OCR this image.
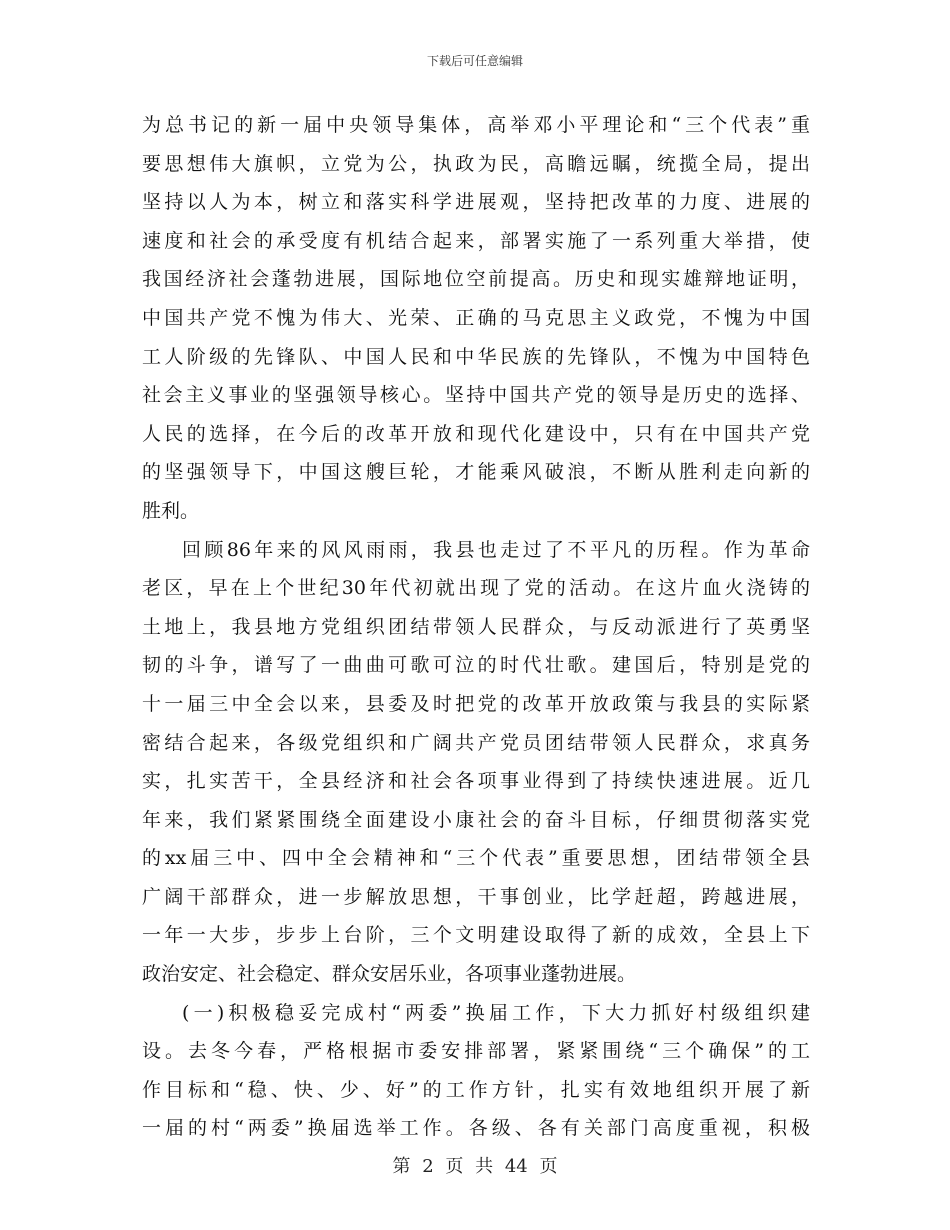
下载后可任意编辑
为总书记的新一届中央领导集体，高举邓小平理论和“三个代表”重
要思想伟大旗帜，立党为公，执政为民，高瞻远瞩，统揽全局，提出
坚持以人为本，树立和落实科学进展观，坚持把改革的力度、进展的
速度和社会的承受度有机结合起来，部署实施了一系列重大举措，使
我国经济社会蓬勃进展，国际地位空前提高。历史和现实雄辩地证明，
中国共产党不愧为伟大、光荣、正确的马克思主义政党，不愧为中国
工人阶级的先锋队、中国人民和中华民族的先锋队，不愧为中国特色
社会主义事业的坚强领导核心。坚持中国共产党的领导是历史的选择、
人民的选择，在今后的改革开放和现代化建设中，只有在中国共产党
的坚强领导下，中国这艘巨轮，才能乘风破浪，不断从胜利走向新的
胜利。
回顾86年来的风风雨雨，我县也走过了不平凡的历程。作为革命
老区，早在上个世纪30年代初就出现了党的活动。在这片血火浇铸的
土地上，我县地方党组织团结带领人民群众，与反动派进行了英勇坚
韧的斗争，谱写了一曲曲可歌可泣的时代壮歌。建国后，特别是党的
十一届三中全会以来，县委及时把党的改革开放政策与我县的实际紧
密结合起来，各级党组织和广阔共产党员团结带领人民群众，求真务
实，扎实苦干，全县经济和社会各项事业得到了持续快速进展。近几
年来，我们紧紧围绕全面建设小康社会的奋斗目标，仔细贯彻落实党
的xx届三中、四中全会精神和“三个代表”重要思想，团结带领全县
广阔干部群众，进一步解放思想，干事创业，比学赶超，跨越进展，
一年一大步，步步上台阶，三个文明建设取得了新的成效，全县上下
政治安定、社会稳定、群众安居乐业，各项事业蓬勃进展。
(一)积极稳妥完成村“两委”换届工作，下大力抓好村级组织建
设。去冬今春，严格根据市委安排部署，紧紧围绕“三个确保”的工
作目标和“稳、快、少、好”的工作方针，扎实有效地组织开展了新
一届的村“两委”换届选举工作。各级、各有关部门高度重视，积极
第 2 页 共 44 页
